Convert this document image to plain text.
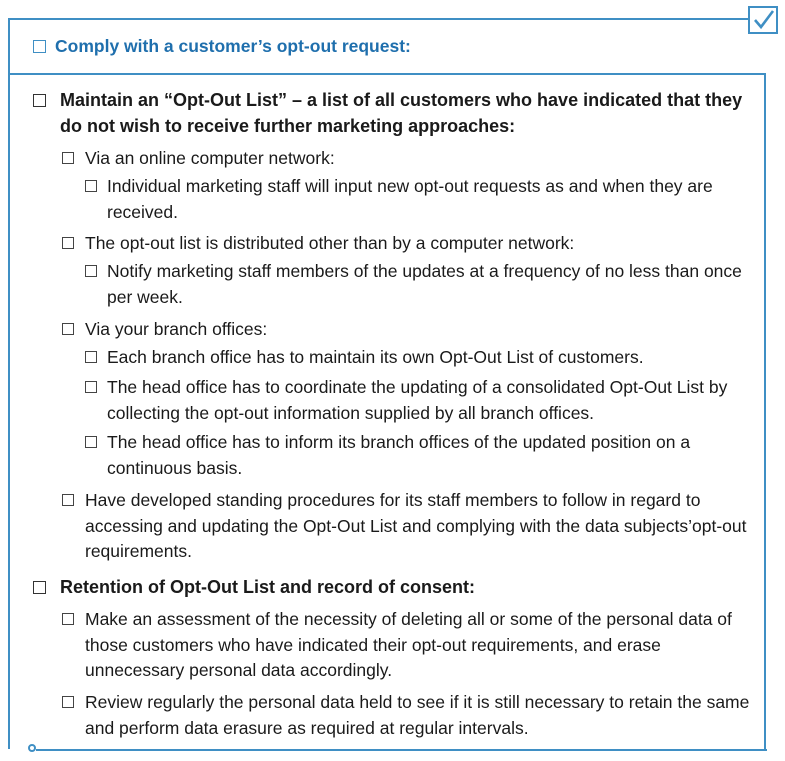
Comply with a customer’s opt-out request:
Maintain an “Opt-Out List” – a list of all customers who have indicated that they do not wish to receive further marketing approaches:
Via an online computer network:
Individual marketing staff will input new opt-out requests as and when they are received.
The opt-out list is distributed other than by a computer network:
Notify marketing staff members of the updates at a frequency of no less than once per week.
Via your branch offices:
Each branch office has to maintain its own Opt-Out List of customers.
The head office has to coordinate the updating of a consolidated Opt-Out List by collecting the opt-out information supplied by all branch offices.
The head office has to inform its branch offices of the updated position on a continuous basis.
Have developed standing procedures for its staff members to follow in regard to accessing and updating the Opt-Out List and complying with the data subjects’opt-out requirements.
Retention of Opt-Out List and record of consent:
Make an assessment of the necessity of deleting all or some of the personal data of those customers who have indicated their opt-out requirements, and erase unnecessary personal data accordingly.
Review regularly the personal data held to see if it is still necessary to retain the same and perform data erasure as required at regular intervals.
